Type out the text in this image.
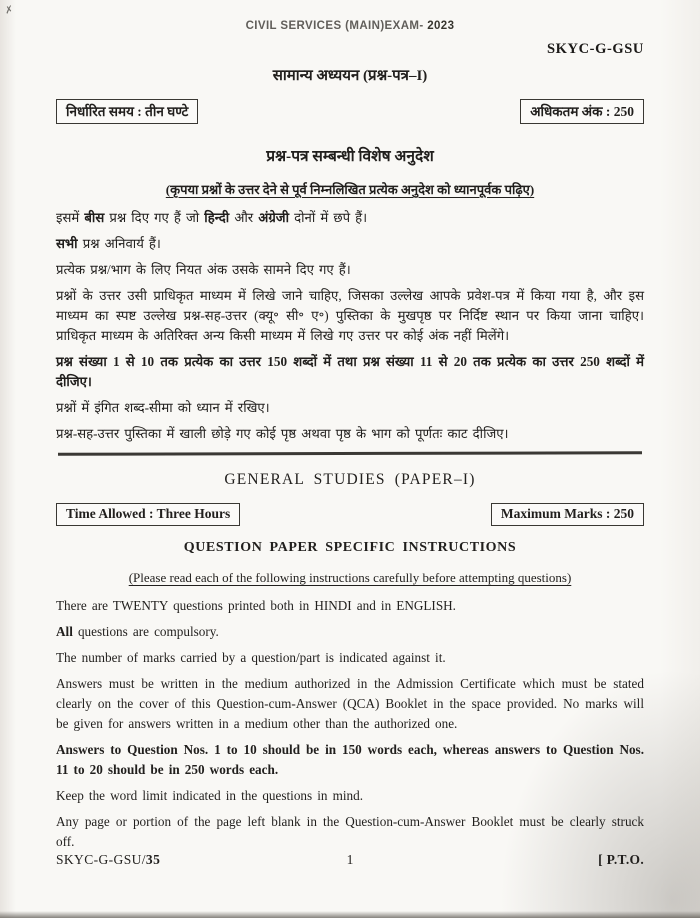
✗
CIVIL SERVICES (MAIN)EXAM- 2023
SKYC-G-GSU
सामान्य अध्ययन (प्रश्न-पत्र–I)
निर्धारित समय : तीन घण्टे	अधिकतम अंक : 250
प्रश्न-पत्र सम्बन्धी विशेष अनुदेश
(कृपया प्रश्नों के उत्तर देने से पूर्व निम्नलिखित प्रत्येक अनुदेश को ध्यानपूर्वक पढ़िए)

इसमें बीस प्रश्न दिए गए हैं जो हिन्दी और अंग्रेजी दोनों में छपे हैं।

सभी प्रश्न अनिवार्य हैं।

प्रत्येक प्रश्न/भाग के लिए नियत अंक उसके सामने दिए गए हैं।

प्रश्नों के उत्तर उसी प्राधिकृत माध्यम में लिखे जाने चाहिए, जिसका उल्लेख आपके प्रवेश-पत्र में किया गया है, और इस माध्यम का स्पष्ट उल्लेख प्रश्न-सह-उत्तर (क्यू॰ सी॰ ए॰) पुस्तिका के मुखपृष्ठ पर निर्दिष्ट स्थान पर किया जाना चाहिए। प्राधिकृत माध्यम के अतिरिक्त अन्य किसी माध्यम में लिखे गए उत्तर पर कोई अंक नहीं मिलेंगे।

प्रश्न संख्या 1 से 10 तक प्रत्येक का उत्तर 150 शब्दों में तथा प्रश्न संख्या 11 से 20 तक प्रत्येक का उत्तर 250 शब्दों में दीजिए।

प्रश्नों में इंगित शब्द-सीमा को ध्यान में रखिए।

प्रश्न-सह-उत्तर पुस्तिका में खाली छोड़े गए कोई पृष्ठ अथवा पृष्ठ के भाग को पूर्णतः काट दीजिए।

GENERAL STUDIES (PAPER–I)
Time Allowed : Three Hours	Maximum Marks : 250
QUESTION PAPER SPECIFIC INSTRUCTIONS
(Please read each of the following instructions carefully before attempting questions)

There are TWENTY questions printed both in HINDI and in ENGLISH.

All questions are compulsory.

The number of marks carried by a question/part is indicated against it.

Answers must be written in the medium authorized in the Admission Certificate which must be stated clearly on the cover of this Question-cum-Answer (QCA) Booklet in the space provided. No marks will be given for answers written in a medium other than the authorized one.

Answers to Question Nos. 1 to 10 should be in 150 words each, whereas answers to Question Nos. 11 to 20 should be in 250 words each.

Keep the word limit indicated in the questions in mind.

Any page or portion of the page left blank in the Question-cum-Answer Booklet must be clearly struck off.

SKYC-G-GSU/35	1	[ P.T.O.
